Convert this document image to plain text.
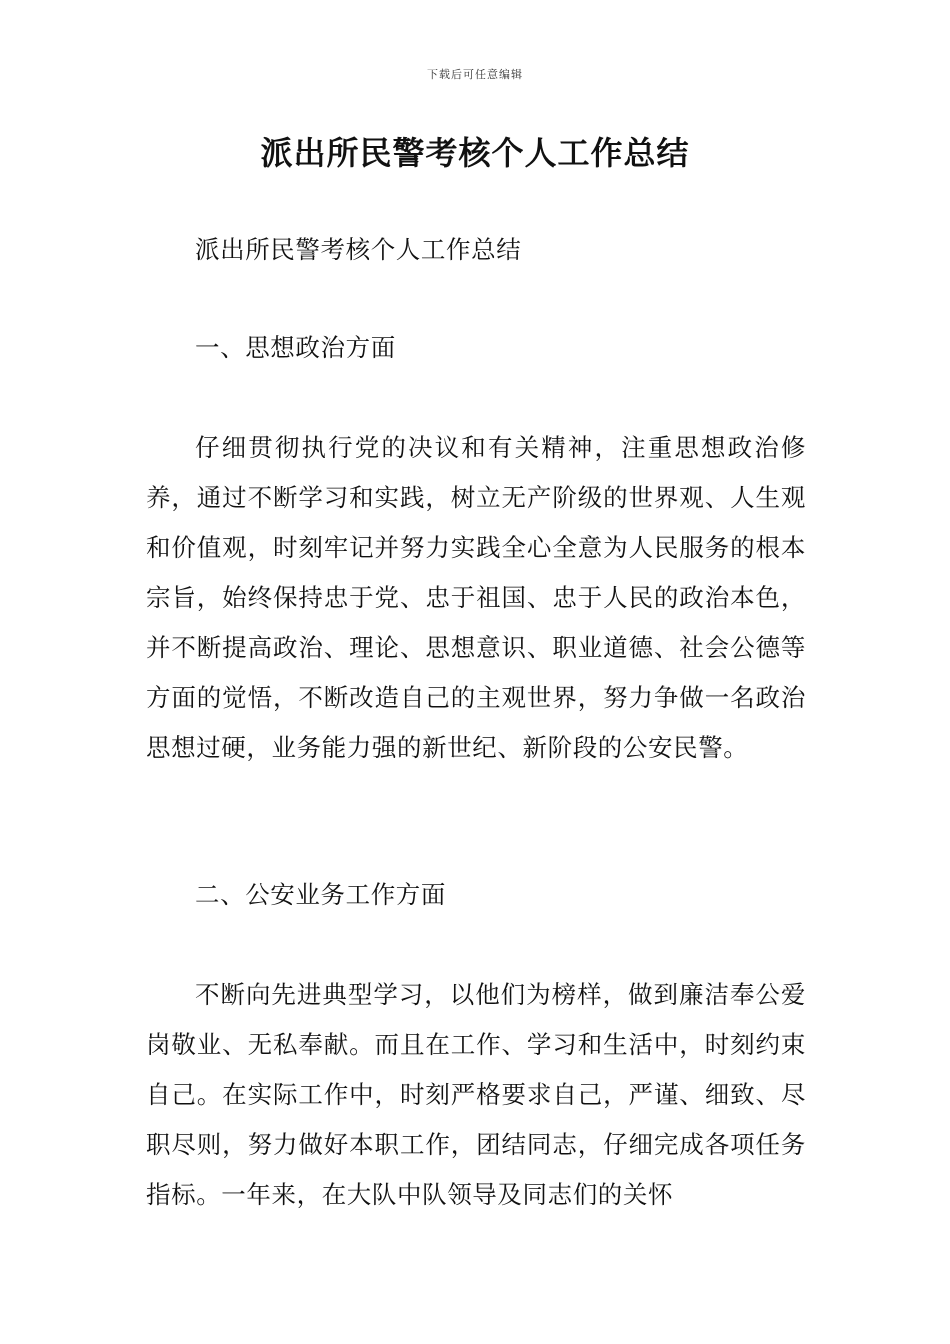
下载后可任意编辑
派出所民警考核个人工作总结

派出所民警考核个人工作总结

一、思想政治方面

仔细贯彻执行党的决议和有关精神，注重思想政治修养，通过不断学习和实践，树立无产阶级的世界观、人生观和价值观，时刻牢记并努力实践全心全意为人民服务的根本宗旨，始终保持忠于党、忠于祖国、忠于人民的政治本色，并不断提高政治、理论、思想意识、职业道德、社会公德等方面的觉悟，不断改造自己的主观世界，努力争做一名政治思想过硬，业务能力强的新世纪、新阶段的公安民警。

二、公安业务工作方面

不断向先进典型学习，以他们为榜样，做到廉洁奉公爱岗敬业、无私奉献。而且在工作、学习和生活中，时刻约束自己。在实际工作中，时刻严格要求自己，严谨、细致、尽职尽则，努力做好本职工作，团结同志，仔细完成各项任务指标。一年来，在大队中队领导及同志们的关怀
